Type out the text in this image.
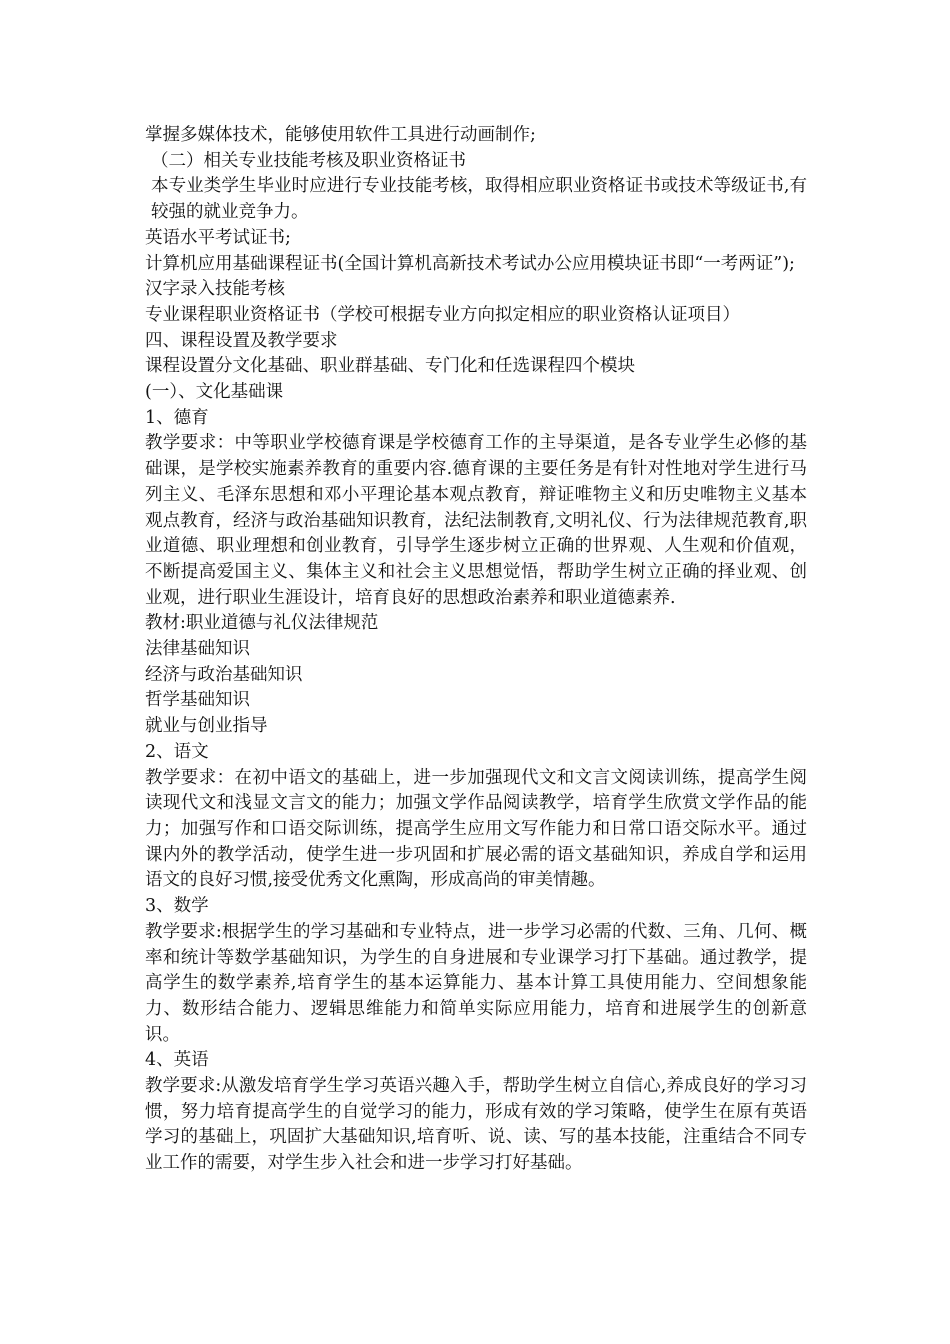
掌握多媒体技术，能够使用软件工具进行动画制作;

（二）相关专业技能考核及职业资格证书

本专业类学生毕业时应进行专业技能考核，取得相应职业资格证书或技术等级证书,有较强的就业竞争力。

英语水平考试证书;

计算机应用基础课程证书(全国计算机高新技术考试办公应用模块证书即“一考两证”);

汉字录入技能考核

专业课程职业资格证书（学校可根据专业方向拟定相应的职业资格认证项目）

四、课程设置及教学要求

课程设置分文化基础、职业群基础、专门化和任选课程四个模块

(一）、文化基础课

1、德育

教学要求：中等职业学校德育课是学校德育工作的主导渠道，是各专业学生必修的基础课，是学校实施素养教育的重要内容.德育课的主要任务是有针对性地对学生进行马列主义、毛泽东思想和邓小平理论基本观点教育，辩证唯物主义和历史唯物主义基本观点教育，经济与政治基础知识教育，法纪法制教育,文明礼仪、行为法律规范教育,职业道德、职业理想和创业教育，引导学生逐步树立正确的世界观、人生观和价值观，不断提高爱国主义、集体主义和社会主义思想觉悟，帮助学生树立正确的择业观、创业观，进行职业生涯设计，培育良好的思想政治素养和职业道德素养.

教材:职业道德与礼仪法律规范

法律基础知识

经济与政治基础知识

哲学基础知识

就业与创业指导

2、语文

教学要求：在初中语文的基础上，进一步加强现代文和文言文阅读训练，提高学生阅读现代文和浅显文言文的能力；加强文学作品阅读教学，培育学生欣赏文学作品的能力；加强写作和口语交际训练，提高学生应用文写作能力和日常口语交际水平。通过课内外的教学活动，使学生进一步巩固和扩展必需的语文基础知识，养成自学和运用语文的良好习惯,接受优秀文化熏陶，形成高尚的审美情趣。

3、数学

教学要求:根据学生的学习基础和专业特点，进一步学习必需的代数、三角、几何、概率和统计等数学基础知识，为学生的自身进展和专业课学习打下基础。通过教学，提高学生的数学素养,培育学生的基本运算能力、基本计算工具使用能力、空间想象能力、数形结合能力、逻辑思维能力和简单实际应用能力，培育和进展学生的创新意识。

4、英语

教学要求:从激发培育学生学习英语兴趣入手，帮助学生树立自信心,养成良好的学习习惯，努力培育提高学生的自觉学习的能力，形成有效的学习策略，使学生在原有英语学习的基础上，巩固扩大基础知识,培育听、说、读、写的基本技能，注重结合不同专业工作的需要，对学生步入社会和进一步学习打好基础。
